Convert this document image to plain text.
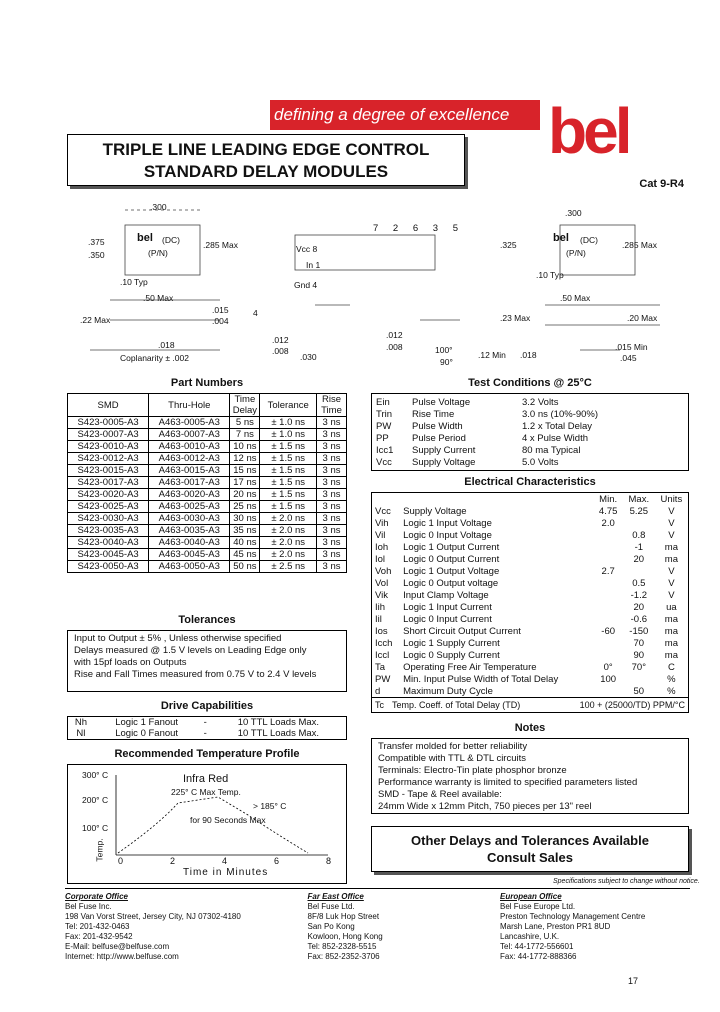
defining a degree of excellence bel
TRIPLE LINE LEADING EDGE CONTROL
STANDARD DELAY MODULES
Cat 9-R4
.300
.375
.350
bel (DC)
(P/N)
.285 Max
.10 Typ
.50 Max
.015
.004
.22 Max
.018
Coplanarity ± .002
7 2 6 3 5
Vcc 8
In 1
Gnd 4
4
.012
.008
.030
.012
.008	100°
90°
.300
.325
bel (DC)
(P/N)
.285 Max
.10 Typ
.50 Max
.23 Max	.20 Max
.015 Min
.045
.12 Min .018
Part Numbers
SMD	Thru-Hole	Time Delay	Tolerance	Rise Time
S423-0005-A3	A463-0005-A3	5 ns	± 1.0 ns	3 ns
S423-0007-A3	A463-0007-A3	7 ns	± 1.0 ns	3 ns
S423-0010-A3	A463-0010-A3	10 ns	± 1.5 ns	3 ns
S423-0012-A3	A463-0012-A3	12 ns	± 1.5 ns	3 ns
S423-0015-A3	A463-0015-A3	15 ns	± 1.5 ns	3 ns
S423-0017-A3	A463-0017-A3	17 ns	± 1.5 ns	3 ns
S423-0020-A3	A463-0020-A3	20 ns	± 1.5 ns	3 ns
S423-0025-A3	A463-0025-A3	25 ns	± 1.5 ns	3 ns
S423-0030-A3	A463-0030-A3	30 ns	± 2.0 ns	3 ns
S423-0035-A3	A463-0035-A3	35 ns	± 2.0 ns	3 ns
S423-0040-A3	A463-0040-A3	40 ns	± 2.0 ns	3 ns
S423-0045-A3	A463-0045-A3	45 ns	± 2.0 ns	3 ns
S423-0050-A3	A463-0050-A3	50 ns	± 2.5 ns	3 ns
Tolerances
Input to Output ± 5% , Unless otherwise specified
Delays measured @ 1.5 V levels on Leading Edge only
with 15pf loads on Outputs
Rise and Fall Times measured from 0.75 V to 2.4 V levels
Drive Capabilities
Nh	Logic 1 Fanout	-	10 TTL Loads Max.
Nl	Logic 0 Fanout	-	10 TTL Loads Max.
Recommended Temperature Profile
300° C
200° C
100° C
Temp.
Infra Red
225° C Max Temp.
> 185° C
for 90 Seconds Max
0	2	4	6	8
Time in Minutes
Test Conditions @ 25°C
Ein	Pulse Voltage	3.2 Volts
Trin	Rise Time	3.0 ns (10%-90%)
PW	Pulse Width	1.2 x Total Delay
PP	Pulse Period	4 x Pulse Width
Icc1	Supply Current	80 ma Typical
Vcc	Supply Voltage	5.0 Volts
Electrical Characteristics
		Min.	Max.	Units
Vcc	Supply Voltage	4.75	5.25	V
Vih	Logic 1 Input Voltage	2.0		V
Vil	Logic 0 Input Voltage		0.8	V
Ioh	Logic 1 Output Current		-1	ma
Iol	Logic 0 Output Current		20	ma
Voh	Logic 1 Output Voltage	2.7		V
Vol	Logic 0 Output voltage		0.5	V
Vik	Input Clamp Voltage		-1.2	V
Iih	Logic 1 Input Current		20	ua
Iil	Logic 0 Input Current		-0.6	ma
Ios	Short Circuit Output Current	-60	-150	ma
Icch	Logic 1 Supply Current		70	ma
Iccl	Logic 0 Supply Current		90	ma
Ta	Operating Free Air Temperature	0°	70°	C
PW	Min. Input Pulse Width of Total Delay	100		%
d	Maximum Duty Cycle		50	%
Tc Temp. Coeff. of Total Delay (TD)	100 + (25000/TD) PPM/°C
Notes
Transfer molded for better reliability
Compatible with TTL & DTL circuits
Terminals: Electro-Tin plate phosphor bronze
Performance warranty is limited to specified parameters listed
SMD - Tape & Reel available:
24mm Wide x 12mm Pitch, 750 pieces per 13" reel
Other Delays and Tolerances Available
Consult Sales
Specifications subject to change without notice.
Corporate Office
Bel Fuse Inc.
198 Van Vorst Street, Jersey City, NJ 07302-4180
Tel: 201-432-0463
Fax: 201-432-9542
E-Mail: belfuse@belfuse.com
Internet: http://www.belfuse.com
Far East Office
Bel Fuse Ltd.
8F/8 Luk Hop Street
San Po Kong
Kowloon, Hong Kong
Tel: 852-2328-5515
Fax: 852-2352-3706
European Office
Bel Fuse Europe Ltd.
Preston Technology Management Centre
Marsh Lane, Preston PR1 8UD
Lancashire, U.K.
Tel: 44-1772-556601
Fax: 44-1772-888366
17
